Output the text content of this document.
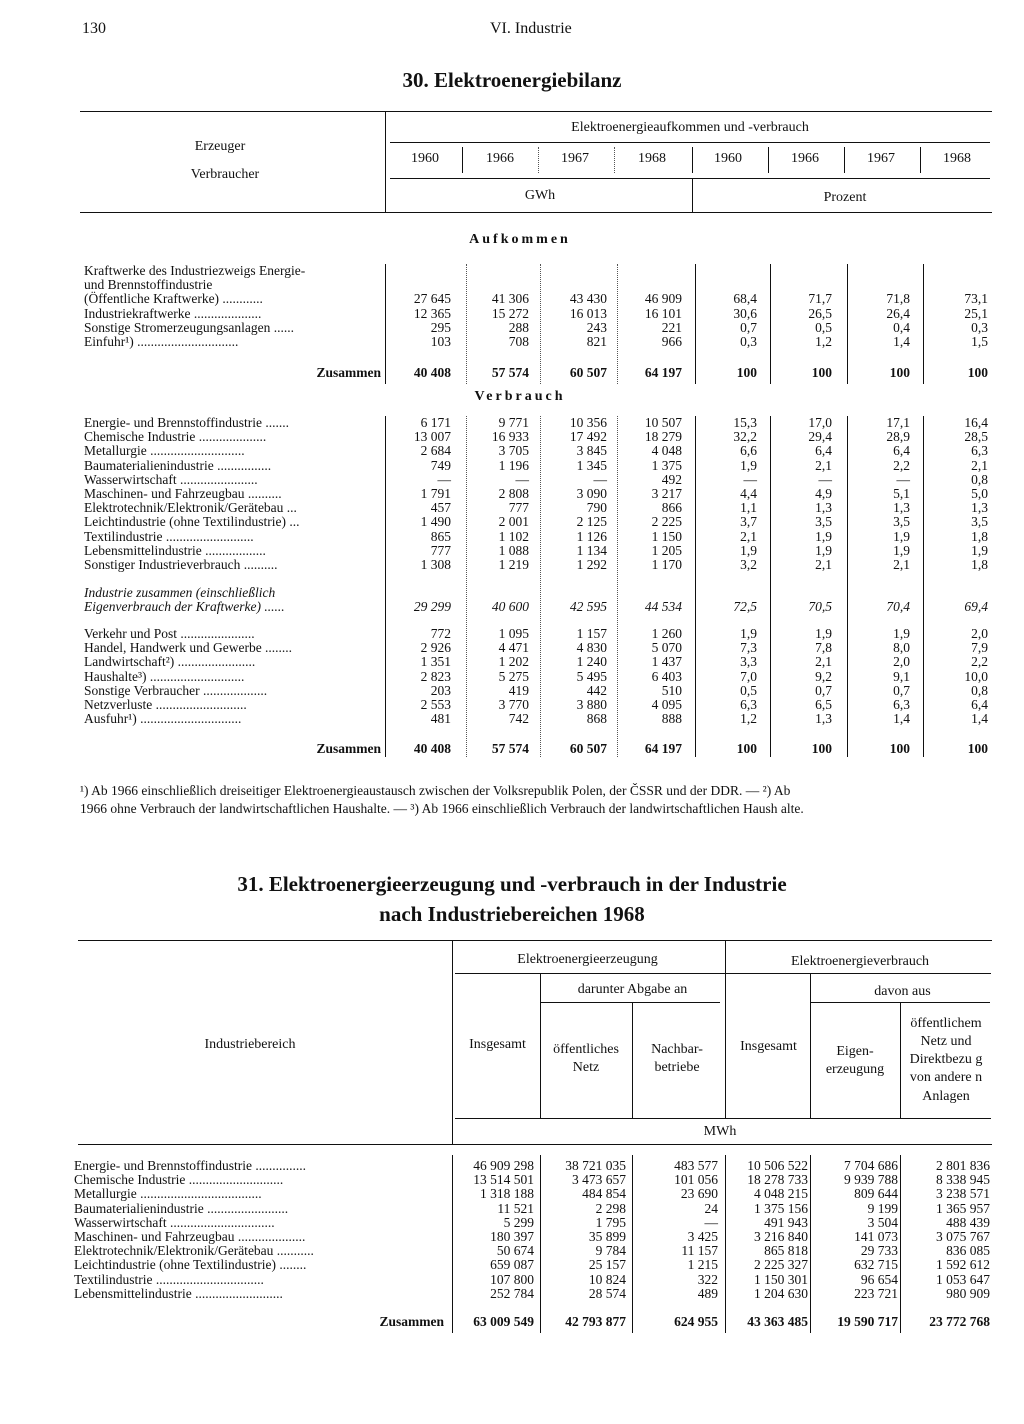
130	VI. Industrie
30. Elektroenergiebilanz
Erzeuger
Verbraucher
Elektroenergieaufkommen und -verbrauch
1960	1966	1967	1968	1960	1966	1967	1968
GWh	Prozent
Aufkommen
Verbrauch
Kraftwerke des Industriezweigs Energie-								
und Brennstoffindustrie								
(Öffentliche Kraftwerke) ............	27 645	41 306	43 430	46 909	68,4	71,7	71,8	73,1
Industriekraftwerke ....................	12 365	15 272	16 013	16 101	30,6	26,5	26,4	25,1
Sonstige Stromerzeugungsanlagen ......	295	288	243	221	0,7	0,5	0,4	0,3
Einfuhr¹) ..............................	103	708	821	966	0,3	1,2	1,4	1,5
Zusammen	40 408	57 574	60 507	64 197	100	100	100	100
Energie- und Brennstoffindustrie .......	6 171	9 771	10 356	10 507	15,3	17,0	17,1	16,4
Chemische Industrie ....................	13 007	16 933	17 492	18 279	32,2	29,4	28,9	28,5
Metallurgie ............................	2 684	3 705	3 845	4 048	6,6	6,4	6,4	6,3
Baumaterialienindustrie ................	749	1 196	1 345	1 375	1,9	2,1	2,2	2,1
Wasserwirtschaft .......................	—	—	—	492	—	—	—	0,8
Maschinen- und Fahrzeugbau ..........	1 791	2 808	3 090	3 217	4,4	4,9	5,1	5,0
Elektrotechnik/Elektronik/Gerätebau ...	457	777	790	866	1,1	1,3	1,3	1,3
Leichtindustrie (ohne Textilindustrie) ...	1 490	2 001	2 125	2 225	3,7	3,5	3,5	3,5
Textilindustrie ..........................	865	1 102	1 126	1 150	2,1	1,9	1,9	1,8
Lebensmittelindustrie ..................	777	1 088	1 134	1 205	1,9	1,9	1,9	1,9
Sonstiger Industrieverbrauch ..........	1 308	1 219	1 292	1 170	3,2	2,1	2,1	1,8
Industrie zusammen (einschließlich
Eigenverbrauch der Kraftwerke) ......	29 299	40 600	42 595	44 534	72,5	70,5	70,4	69,4
Verkehr und Post ......................	772	1 095	1 157	1 260	1,9	1,9	1,9	2,0
Handel, Handwerk und Gewerbe ........	2 926	4 471	4 830	5 070	7,3	7,8	8,0	7,9
Landwirtschaft²) .......................	1 351	1 202	1 240	1 437	3,3	2,1	2,0	2,2
Haushalte³) ............................	2 823	5 275	5 495	6 403	7,0	9,2	9,1	10,0
Sonstige Verbraucher ...................	203	419	442	510	0,5	0,7	0,7	0,8
Netzverluste ...........................	2 553	3 770	3 880	4 095	6,3	6,5	6,3	6,4
Ausfuhr¹) ..............................	481	742	868	888	1,2	1,3	1,4	1,4
Zusammen	40 408	57 574	60 507	64 197	100	100	100	100
¹) Ab 1966 einschließlich dreiseitiger Elektroenergieaustausch zwischen der Volksrepublik Polen, der ČSSR und der DDR. — ²) Ab
1966 ohne Verbrauch der landwirtschaftlichen Haushalte. — ³) Ab 1966 einschließlich Verbrauch der landwirtschaftlichen Haush alte.
31. Elektroenergieerzeugung und -verbrauch in der Industrie
nach Industriebereichen 1968
Industriebereich
Elektroenergieerzeugung
darunter Abgabe an
Insgesamt	öffentliches
Netz
Nachbar-
betriebe
Elektroenergieverbrauch
davon aus
Insgesamt	Eigen-
erzeugung
öffentlichem
Netz und
Direktbezu g
von andere n
Anlagen
MWh
Energie- und Brennstoffindustrie ...............	46 909 298	38 721 035	483 577	10 506 522	7 704 686	2 801 836
Chemische Industrie ............................	13 514 501	3 473 657	101 056	18 278 733	9 939 788	8 338 945
Metallurgie ....................................	1 318 188	484 854	23 690	4 048 215	809 644	3 238 571
Baumaterialienindustrie ........................	11 521	2 298	24	1 375 156	9 199	1 365 957
Wasserwirtschaft ...............................	5 299	1 795	—	491 943	3 504	488 439
Maschinen- und Fahrzeugbau ....................	180 397	35 899	3 425	3 216 840	141 073	3 075 767
Elektrotechnik/Elektronik/Gerätebau ...........	50 674	9 784	11 157	865 818	29 733	836 085
Leichtindustrie (ohne Textilindustrie) ........	659 087	25 157	1 215	2 225 327	632 715	1 592 612
Textilindustrie ................................	107 800	10 824	322	1 150 301	96 654	1 053 647
Lebensmittelindustrie ..........................	252 784	28 574	489	1 204 630	223 721	980 909
Zusammen	63 009 549	42 793 877	624 955	43 363 485	19 590 717	23 772 768
